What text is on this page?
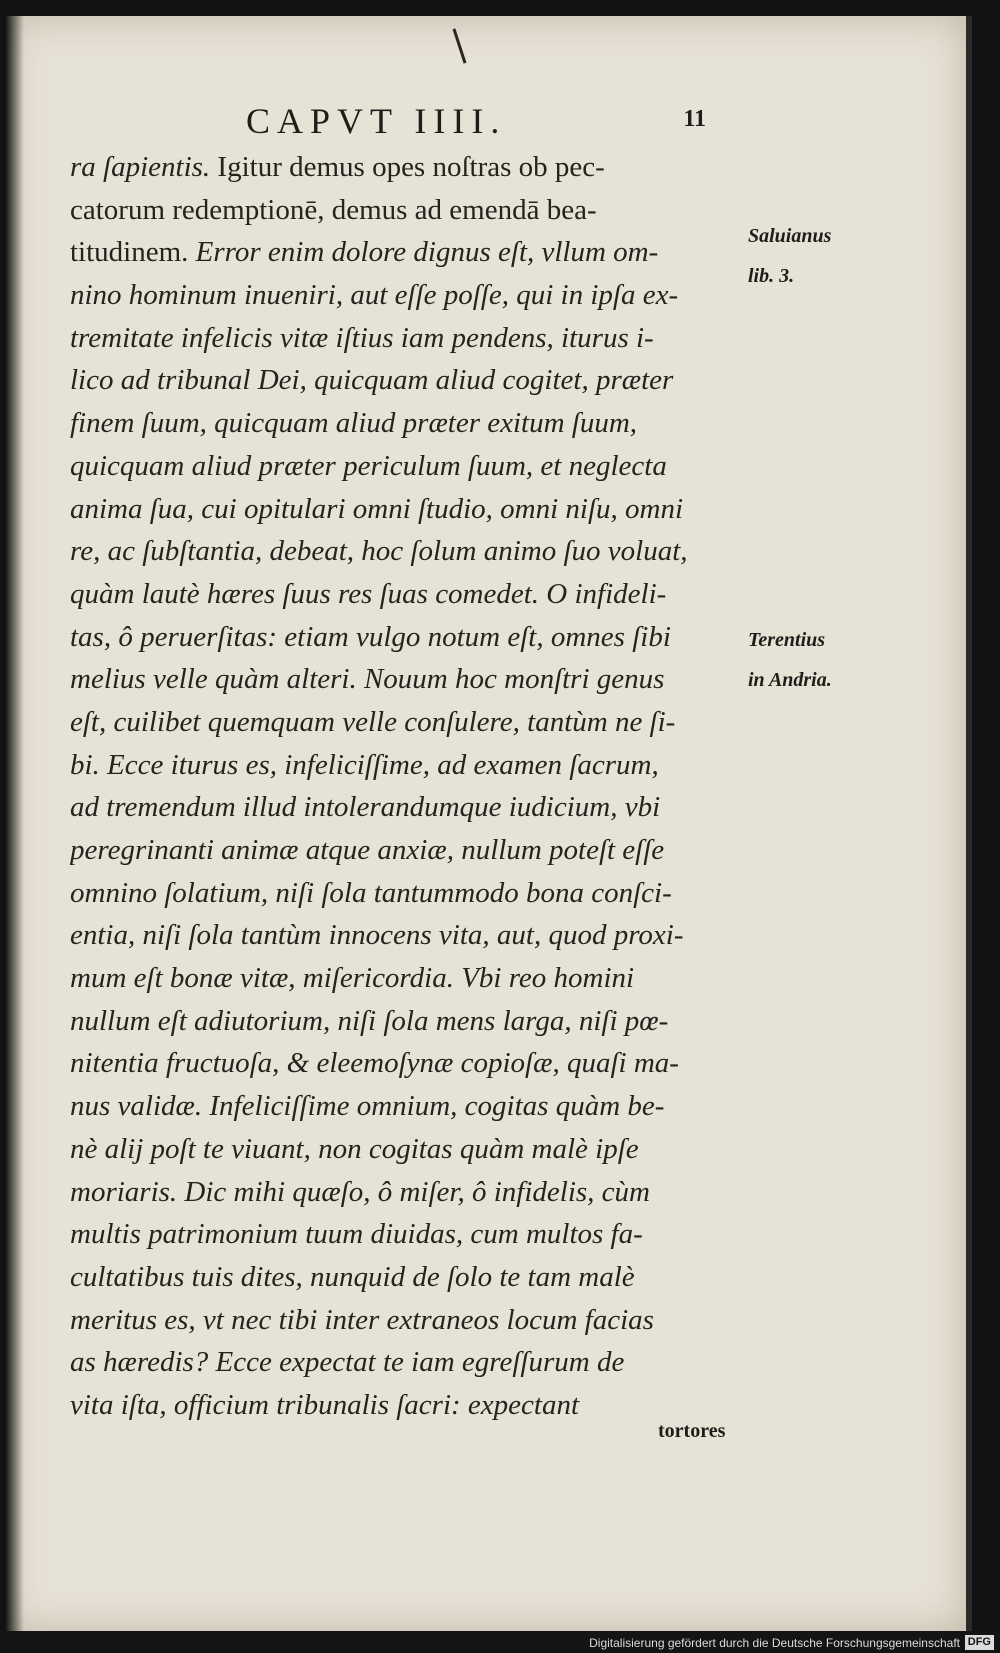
CAPVT IIII.	11
ra ſapientis. Igitur demus opes noſtras ob pec-
catorum redemptionē, demus ad emendā bea-
titudinem. Error enim dolore dignus eſt, vllum om-
nino hominum inueniri, aut eſſe poſſe, qui in ipſa ex-
tremitate infelicis vitæ iſtius iam pendens, iturus i-
lico ad tribunal Dei, quicquam aliud cogitet, præter
finem ſuum, quicquam aliud præter exitum ſuum,
quicquam aliud præter periculum ſuum, et neglecta
anima ſua, cui opitulari omni ſtudio, omni niſu, omni
re, ac ſubſtantia, debeat, hoc ſolum animo ſuo voluat,
quàm lautè hæres ſuus res ſuas comedet. O infideli-
tas, ô peruerſitas: etiam vulgo notum eſt, omnes ſibi
melius velle quàm alteri. Nouum hoc monſtri genus
eſt, cuilibet quemquam velle conſulere, tantùm ne ſi-
bi. Ecce iturus es, infeliciſſime, ad examen ſacrum,
ad tremendum illud intolerandumque iudicium, vbi
peregrinanti animæ atque anxiæ, nullum poteſt eſſe
omnino ſolatium, niſi ſola tantummodo bona conſci-
entia, niſi ſola tantùm innocens vita, aut, quod proxi-
mum eſt bonæ vitæ, miſericordia. Vbi reo homini
nullum eſt adiutorium, niſi ſola mens larga, niſi pœ-
nitentia fructuoſa, & eleemoſynæ copioſæ, quaſi ma-
nus validæ. Infeliciſſime omnium, cogitas quàm be-
nè alij poſt te viuant, non cogitas quàm malè ipſe
moriaris. Dic mihi quæſo, ô miſer, ô infidelis, cùm
multis patrimonium tuum diuidas, cum multos fa-
cultatibus tuis dites, nunquid de ſolo te tam malè
meritus es, vt nec tibi inter extraneos locum facias
as hæredis? Ecce expectat te iam egreſſurum de
vita iſta, officium tribunalis ſacri: expectant
Saluianus
lib. 3.
Terentius
in Andria.
tortores
Digitalisierung gefördert durch die Deutsche Forschungsgemeinschaft DFG
